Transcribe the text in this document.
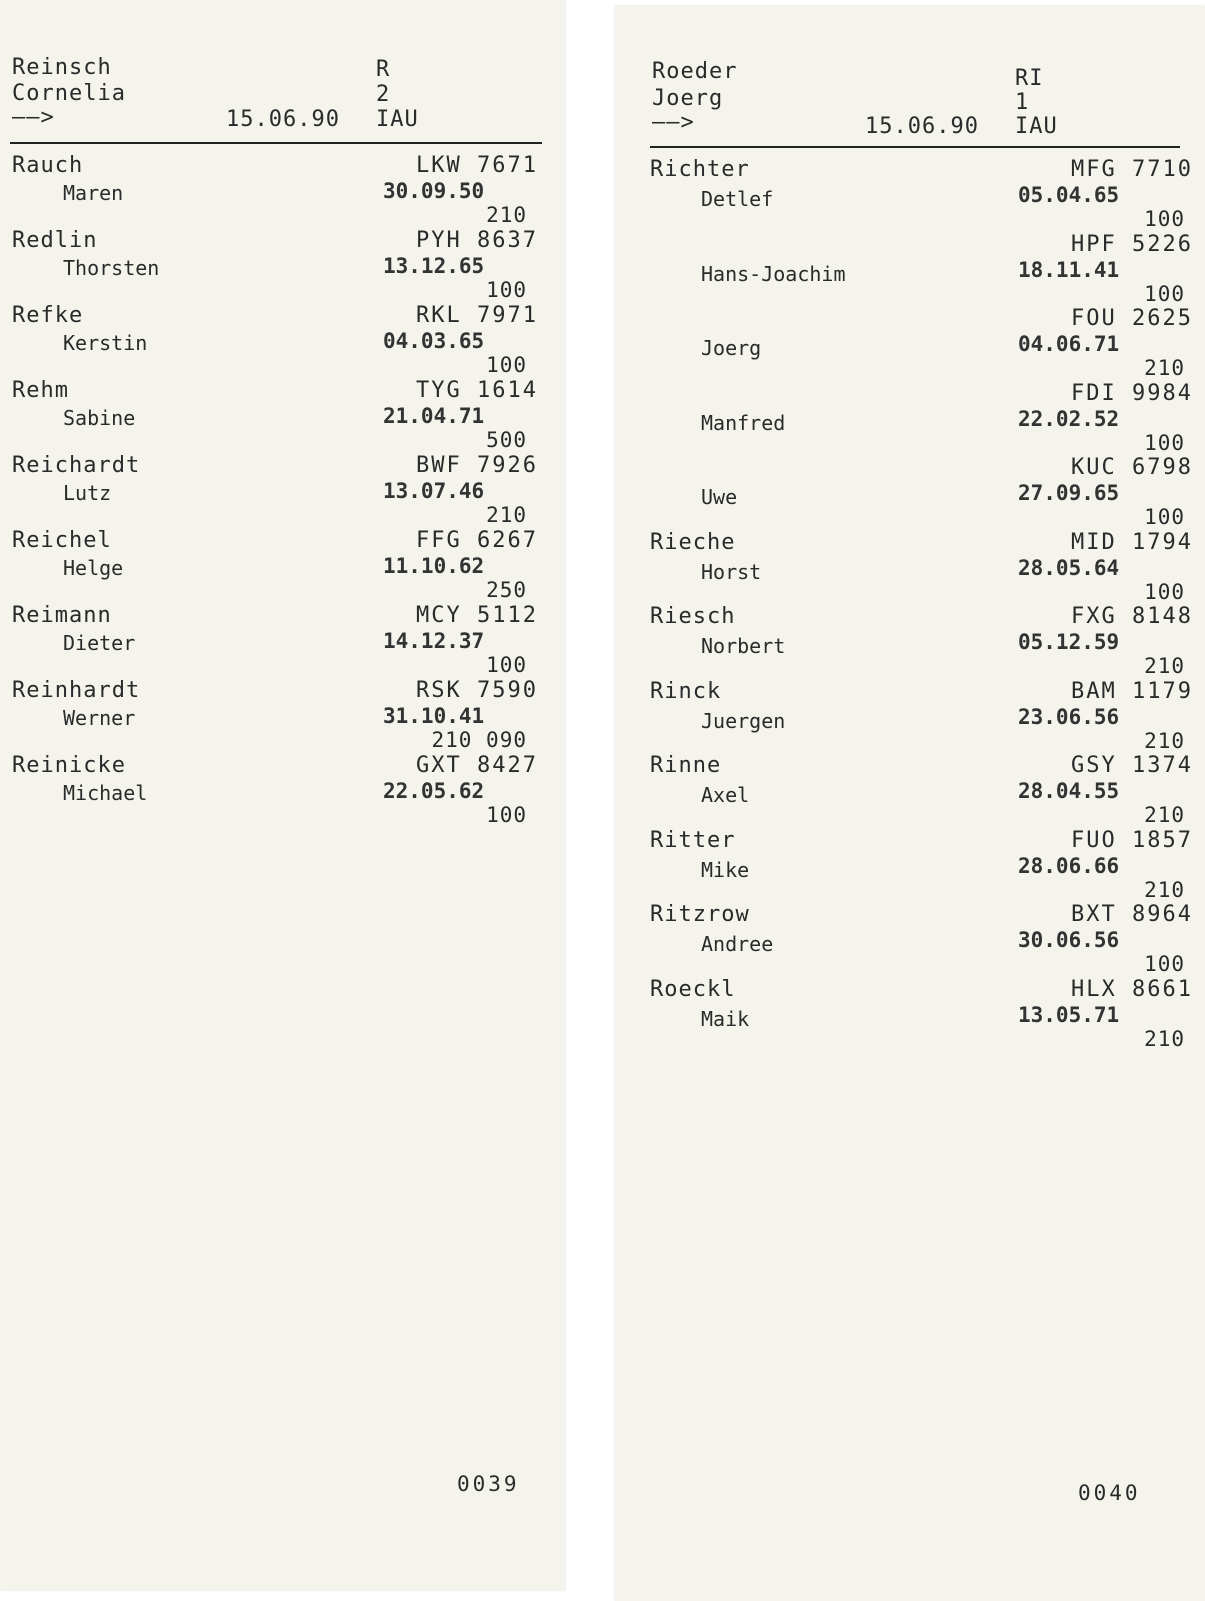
Reinsch
Cornelia
——>	15.06.90
R
2
IAU
Rauch
Maren
LKW 7671
30.09.50
210
Redlin
Thorsten
PYH 8637
13.12.65
100
Refke
Kerstin
RKL 7971
04.03.65
100
Rehm
Sabine
TYG 1614
21.04.71
500
Reichardt
Lutz
BWF 7926
13.07.46
210
Reichel
Helge
FFG 6267
11.10.62
250
Reimann
Dieter
MCY 5112
14.12.37
100
Reinhardt
Werner
RSK 7590
31.10.41
210 090
Reinicke
Michael
GXT 8427
22.05.62
100
0039
Roeder
Joerg
——>	15.06.90
RI
1
IAU
Richter
Detlef
MFG 7710
05.04.65
100
Hans-Joachim
HPF 5226
18.11.41
100
Joerg
FOU 2625
04.06.71
210
Manfred
FDI 9984
22.02.52
100
Uwe
KUC 6798
27.09.65
100
Rieche
Horst
MID 1794
28.05.64
100
Riesch
Norbert
FXG 8148
05.12.59
210
Rinck
Juergen
BAM 1179
23.06.56
210
Rinne
Axel
GSY 1374
28.04.55
210
Ritter
Mike
FUO 1857
28.06.66
210
Ritzrow
Andree
BXT 8964
30.06.56
100
Roeckl
Maik
HLX 8661
13.05.71
210
0040
